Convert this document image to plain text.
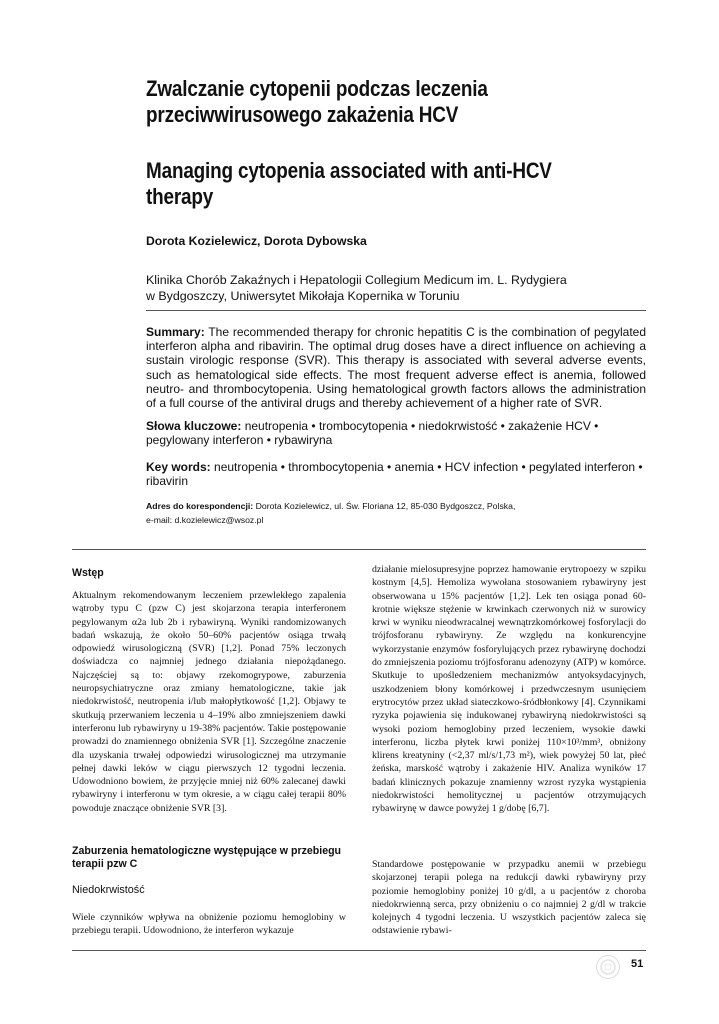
Zwalczanie cytopenii podczas leczenia
przeciwwirusowego zakażenia HCV
Managing cytopenia associated with anti-HCV
therapy
Dorota Kozielewicz, Dorota Dybowska
Klinika Chorób Zakaźnych i Hepatologii Collegium Medicum im. L. Rydygiera
w Bydgoszczy, Uniwersytet Mikołaja Kopernika w Toruniu
Summary: The recommended therapy for chronic hepatitis C is the combination of pegylated interferon alpha and ribavirin. The optimal drug doses have a direct influence on achieving a sustain virologic response (SVR). This therapy is associated with several adverse events, such as hematological side effects. The most frequent adverse effect is anemia, followed neutro- and thrombocytopenia. Using hematological growth factors allows the administration of a full course of the antiviral drugs and thereby achievement of a higher rate of SVR.
Słowa kluczowe: neutropenia • trombocytopenia • niedokrwistość • zakażenie HCV • pegylowany interferon • rybawiryna
Key words: neutropenia • thrombocytopenia • anemia • HCV infection • pegylated interferon • ribavirin
Adres do korespondencji: Dorota Kozielewicz, ul. Św. Floriana 12, 85-030 Bydgoszcz, Polska,
e-mail: d.kozielewicz@wsoz.pl
Wstęp

Aktualnym rekomendowanym leczeniem przewlekłego zapalenia wątroby typu C (pzw C) jest skojarzona terapia interferonem pegylowanym α2a lub 2b i rybawiryną. Wyniki randomizowanych badań wskazują, że około 50–60% pacjentów osiąga trwałą odpowiedź wirusologiczną (SVR) [1,2]. Ponad 75% leczonych doświadcza co najmniej jednego działania niepożądanego. Najczęściej są to: objawy rzekomogrypowe, zaburzenia neuropsychiatryczne oraz zmiany hematologiczne, takie jak niedokrwistość, neutropenia i/lub małopłytkowość [1,2]. Objawy te skutkują przerwaniem leczenia u 4–19% albo zmniejszeniem dawki interferonu lub rybawiryny u 19-38% pacjentów. Takie postępowanie prowadzi do znamiennego obniżenia SVR [1]. Szczególne znaczenie dla uzyskania trwałej odpowiedzi wirusologicznej ma utrzymanie pełnej dawki leków w ciągu pierwszych 12 tygodni leczenia. Udowodniono bowiem, że przyjęcie mniej niż 60% zalecanej dawki rybawiryny i interferonu w tym okresie, a w ciągu całej terapii 80% powoduje znaczące obniżenie SVR [3].

Zaburzenia hematologiczne występujące w przebiegu terapii pzw C
Niedokrwistość

Wiele czynników wpływa na obniżenie poziomu hemoglobiny w przebiegu terapii. Udowodniono, że interferon wykazuje

działanie mielosupresyjne poprzez hamowanie erytropoezy w szpiku kostnym [4,5]. Hemoliza wywołana stosowaniem rybawiryny jest obserwowana u 15% pacjentów [1,2]. Lek ten osiąga ponad 60-krotnie większe stężenie w krwinkach czerwonych niż w surowicy krwi w wyniku nieodwracalnej wewnątrzkomórkowej fosforylacji do trójfosforanu rybawiryny. Ze względu na konkurencyjne wykorzystanie enzymów fosforylujących przez rybawirynę dochodzi do zmniejszenia poziomu trójfosforanu adenozyny (ATP) w komórce. Skutkuje to upośledzeniem mechanizmów antyoksydacyjnych, uszkodzeniem błony komórkowej i przedwczesnym usunięciem erytrocytów przez układ siateczkowo-śródbłonkowy [4]. Czynnikami ryzyka pojawienia się indukowanej rybawiryną niedokrwistości są wysoki poziom hemoglobiny przed leczeniem, wysokie dawki interferonu, liczba płytek krwi poniżej 110×10³/mm³, obniżony klirens kreatyniny (<2,37 ml/s/1,73 m²), wiek powyżej 50 lat, płeć żeńska, marskość wątroby i zakażenie HIV. Analiza wyników 17 badań klinicznych pokazuje znamienny wzrost ryzyka wystąpienia niedokrwistości hemolitycznej u pacjentów otrzymujących rybawirynę w dawce powyżej 1 g/dobę [6,7].

Standardowe postępowanie w przypadku anemii w przebiegu skojarzonej terapii polega na redukcji dawki rybawiryny przy poziomie hemoglobiny poniżej 10 g/dl, a u pacjentów z choroba niedokrwienną serca, przy obniżeniu o co najmniej 2 g/dl w trakcie kolejnych 4 tygodni leczenia. U wszystkich pacjentów zaleca się odstawienie rybawi-

51
